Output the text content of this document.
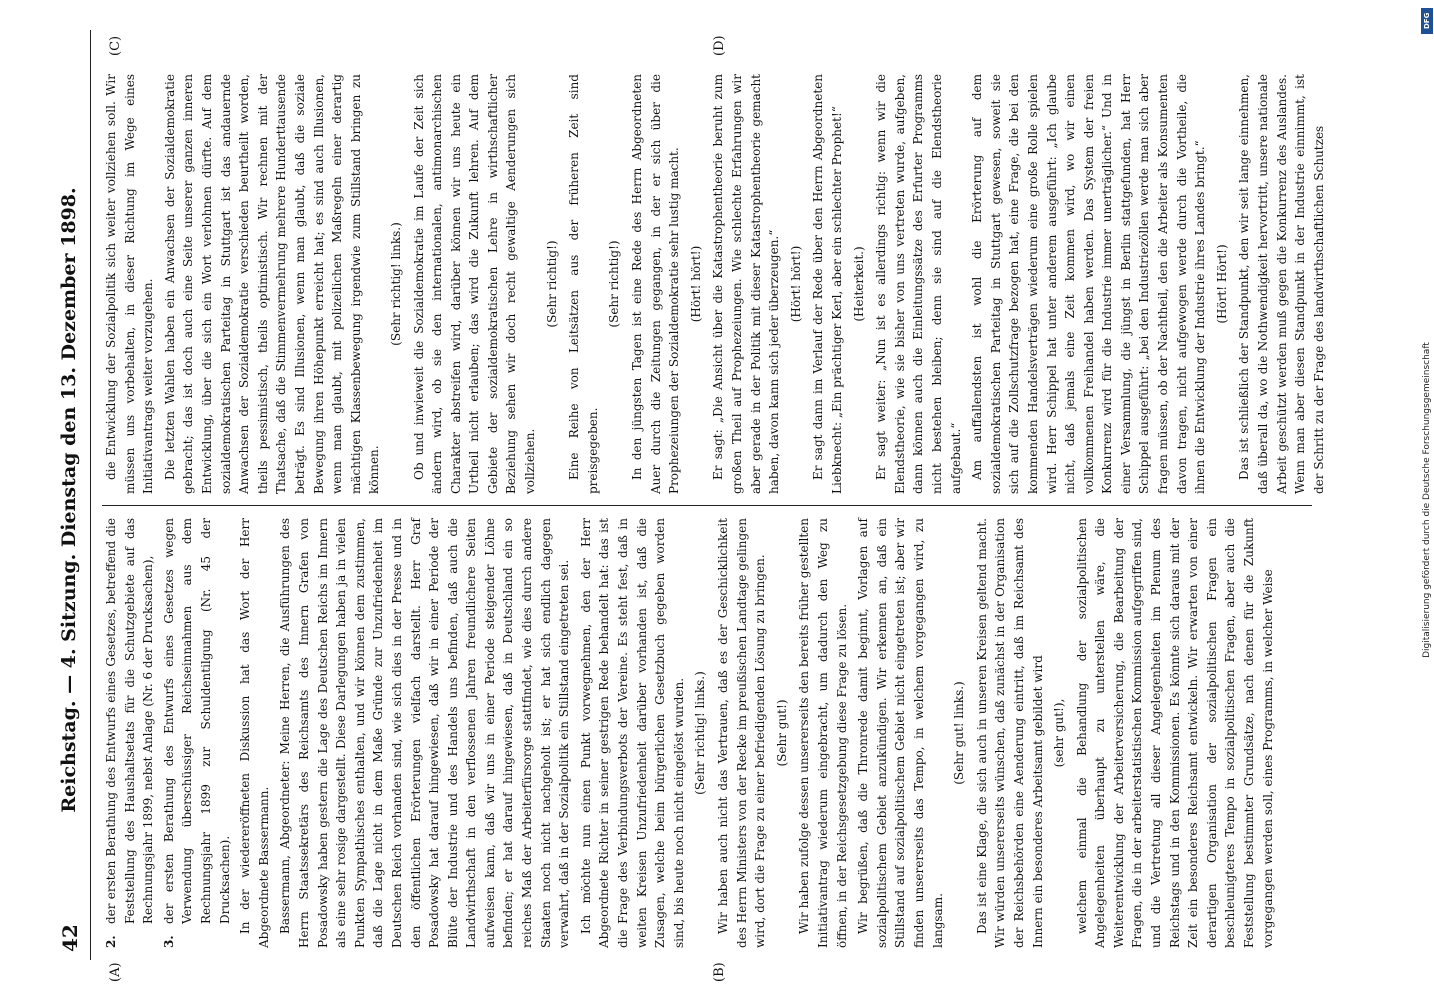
42
Reichstag. — 4. Sitzung. Dienstag den 13. Dezember 1898.
(A)	(B)
(C)	(D)
2.
der ersten Berathung des Entwurfs eines Gesetzes, betreffend die Feststellung des Haushaltsetats für die Schutzgebiete auf das Rechnungsjahr 1899, nebst Anlage (Nr. 6 der Drucksachen),
3.
der ersten Berathung des Entwurfs eines Gesetzes wegen Verwendung überschüssiger Reichseinnahmen aus dem Rechnungsjahr 1899 zur Schuldentilgung (Nr. 45 der Drucksachen). In der wiedereröffneten Diskussion hat das Wort der Herr Abgeordnete Bassermann. Bassermann, Abgeordneter: Meine Herren, die Ausführungen des Herrn Staatssekretärs des Reichsamts des Innern Grafen von Posadowsky haben gestern die Lage des Deutschen Reichs im Innern als eine sehr rosige dargestellt. Diese Darlegungen haben ja in vielen Punkten Sympathisches enthalten, und wir können dem zustimmen, daß die Lage nicht in dem Maße Gründe zur Unzufriedenheit im Deutschen Reich vorhanden sind, wie sich dies in der Presse und in den öffentlichen Erörterungen vielfach darstellt. Herr Graf Posadowsky hat darauf hingewiesen, daß wir in einer Periode der Blüte der Industrie und des Handels uns befinden, daß auch die Landwirthschaft in den verflossenen Jahren freundlichere Seiten aufweisen kann, daß wir uns in einer Periode steigender Löhne befinden; er hat darauf hingewiesen, daß in Deutschland ein so reiches Maß der Arbeiterfürsorge stattfindet, wie dies durch andere Staaten noch nicht nachgeholt ist; er hat sich endlich dagegen verwahrt, daß in der Sozialpolitik ein Stillstand eingetreten sei. Ich möchte nun einen Punkt vorwegnehmen, den der Herr Abgeordnete Richter in seiner gestrigen Rede behandelt hat: das ist die Frage des Verbindungsverbots der Vereine. Es steht fest, daß in weiten Kreisen Unzufriedenheit darüber vorhanden ist, daß die Zusagen, welche beim bürgerlichen Gesetzbuch gegeben worden sind, bis heute noch nicht eingelöst wurden. (Sehr richtig! links.) Wir haben auch nicht das Vertrauen, daß es der Geschicklichkeit des Herrn Ministers von der Recke im preußischen Landtage gelingen wird, dort die Frage zu einer befriedigenden Lösung zu bringen. (Sehr gut!) Wir haben zufolge dessen unsererseits den bereits früher gestellten Initiativantrag wiederum eingebracht, um dadurch den Weg zu öffnen, in der Reichsgesetzgebung diese Frage zu lösen. Wir begrüßen, daß die Thronrede damit beginnt, Vorlagen auf sozialpolitischem Gebiet anzukündigen. Wir erkennen an, daß ein Stillstand auf sozialpolitischem Gebiet nicht eingetreten ist; aber wir finden unsererseits das Tempo, in welchem vorgegangen wird, zu langsam.

(Sehr gut! links.) Das ist eine Klage, die sich auch in unseren Kreisen geltend macht. Wir würden unsererseits wünschen, daß zunächst in der Organisation der Reichsbehörden eine Aenderung eintritt, daß im Reichsamt des Innern ein besonderes Arbeitsamt gebildet wird (sehr gut!), welchem einmal die Behandlung der sozialpolitischen Angelegenheiten überhaupt zu unterstellen wäre, die Weiterentwicklung der Arbeiterversicherung, die Bearbeitung der Fragen, die in der arbeiterstatistischen Kommission aufgegriffen sind, und die Vertretung all dieser Angelegenheiten im Plenum des Reichstags und in den Kommissionen. Es könnte sich daraus mit der Zeit ein besonderes Reichsamt entwickeln. Wir erwarten von einer derartigen Organisation der sozialpolitischen Fragen ein beschleunigteres Tempo in sozialpolitischen Fragen, aber auch die Feststellung bestimmter Grundsätze, nach denen für die Zukunft vorgegangen werden soll, eines Programms, in welcher Weise

die Entwicklung der Sozialpolitik sich weiter vollziehen soll. Wir müssen uns vorbehalten, in dieser Richtung im Wege eines Initiativantrags weiter vorzugehen. Die letzten Wahlen haben ein Anwachsen der Sozialdemokratie gebracht; das ist doch auch eine Seite unserer ganzen inneren Entwicklung, über die sich ein Wort verlohnen dürfte. Auf dem sozialdemokratischen Parteitag in Stuttgart ist das andauernde Anwachsen der Sozialdemokratie verschieden beurtheilt worden, theils pessimistisch, theils optimistisch. Wir rechnen mit der Thatsache, daß die Stimmenvermehrung mehrere Hunderttausende beträgt. Es sind Illusionen, wenn man glaubt, daß die soziale Bewegung ihren Höhepunkt erreicht hat; es sind auch Illusionen, wenn man glaubt, mit polizeilichen Maßregeln einer derartig mächtigen Klassenbewegung irgendwie zum Stillstand bringen zu können.

(Sehr richtig! links.) Ob und inwieweit die Sozialdemokratie im Laufe der Zeit sich ändern wird, ob sie den internationalen, antimonarchischen Charakter abstreifen wird, darüber können wir uns heute ein Urtheil nicht erlauben; das wird die Zukunft lehren. Auf dem Gebiete der sozialdemokratischen Lehre in wirthschaftlicher Beziehung sehen wir doch recht gewaltige Aenderungen sich vollziehen.

(Sehr richtig!) Eine Reihe von Leitsätzen aus der früheren Zeit sind preisgegeben.

(Sehr richtig!) In den jüngsten Tagen ist eine Rede des Herrn Abgeordneten Auer durch die Zeitungen gegangen, in der er sich über die Prophezeiungen der Sozialdemokratie sehr lustig macht. (Hört! hört!) Er sagt: „Die Ansicht über die Katastrophentheorie beruht zum großen Theil auf Prophezeiungen. Wie schlechte Erfahrungen wir aber gerade in der Politik mit dieser Katastrophentheorie gemacht haben, davon kann sich jeder überzeugen.“ (Hört! hört!) Er sagt dann im Verlauf der Rede über den Herrn Abgeordneten Liebknecht: „Ein prächtiger Kerl, aber ein schlechter Prophet!“ (Heiterkeit.) Er sagt weiter: „Nun ist es allerdings richtig: wenn wir die Elendstheorie, wie sie bisher von uns vertreten wurde, aufgeben, dann können auch die Einleitungssätze des Erfurter Programms nicht bestehen bleiben; denn sie sind auf die Elendstheorie aufgebaut.“ Am auffallendsten ist wohl die Erörterung auf dem sozialdemokratischen Parteitag in Stuttgart gewesen, soweit sie sich auf die Zollschutzfrage bezogen hat, eine Frage, die bei den kommenden Handelsverträgen wiederum eine große Rolle spielen wird. Herr Schippel hat unter anderem ausgeführt: „Ich glaube nicht, daß jemals eine Zeit kommen wird, wo wir einen vollkommenen Freihandel haben werden. Das System der freien Konkurrenz wird für die Industrie immer unerträglicher.“ Und in einer Versammlung, die jüngst in Berlin stattgefunden, hat Herr Schippel ausgeführt: „bei den Industriezöllen werde man sich aber fragen müssen, ob der Nachtheil, den die Arbeiter als Konsumenten davon tragen, nicht aufgewogen werde durch die Vortheile, die ihnen die Entwicklung der Industrie ihres Landes bringt.“ (Hört! Hört!) Das ist schließlich der Standpunkt, den wir seit lange einnehmen, daß überall da, wo die Nothwendigkeit hervortritt, unsere nationale Arbeit geschützt werden muß gegen die Konkurrenz des Auslandes. Wenn man aber diesen Standpunkt in der Industrie einnimmt, ist der Schritt zu der Frage des landwirthschaftlichen Schutzes

DFG
Digitalisierung gefördert durch die Deutsche Forschungsgemeinschaft
